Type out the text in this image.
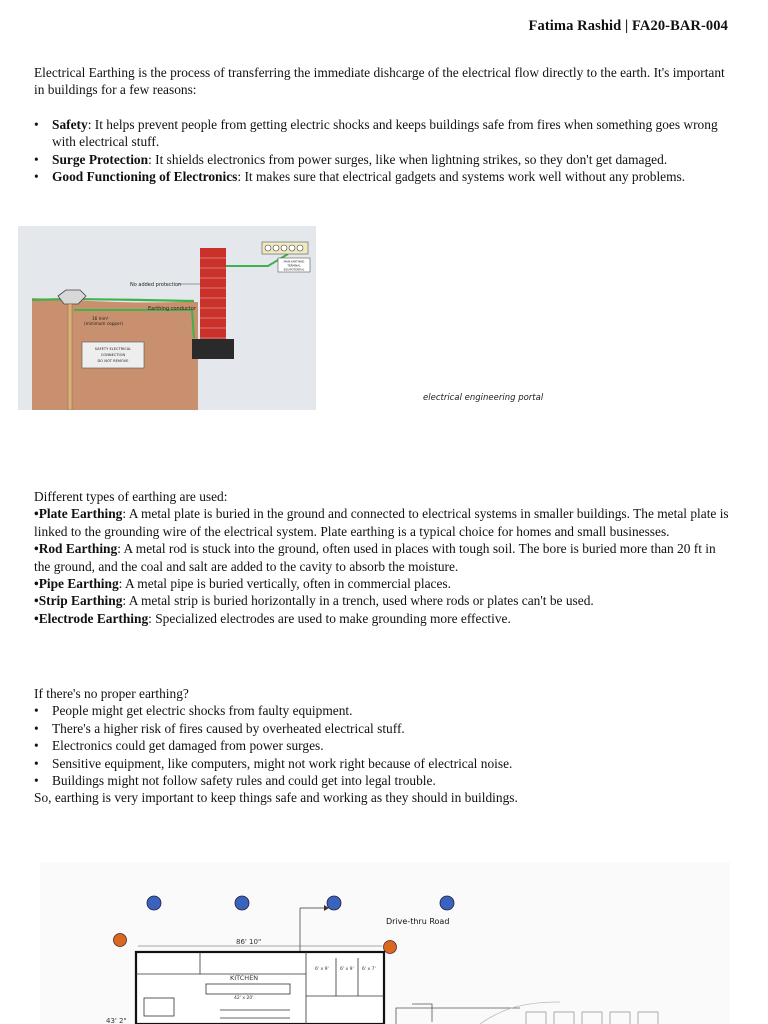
Fatima Rashid | FA20-BAR-004
Electrical Earthing is the process of transferring the immediate dishcarge of the electrical flow directly to the earth. It's important in buildings for a few reasons:
• Safety: It helps prevent people from getting electric shocks and keeps buildings safe from fires when something goes wrong with electrical stuff.
• Surge Protection: It shields electronics from power surges, like when lightning strikes, so they don't get damaged.
• Good Functioning of Electronics: It makes sure that electrical gadgets and systems work well without any problems.
MAIN EARTHING
TERMINAL
EQUIPOTENTIAL
SAFETY ELECTRICAL
CONNECTION
DO NOT REMOVE
No added protection
Earthing conductor
16 mm²
(minimum copper)
electrical engineering portal

Different types of earthing are used:

•Plate Earthing: A metal plate is buried in the ground and connected to electrical systems in smaller buildings. The metal plate is linked to the grounding wire of the electrical system. Plate earthing is a typical choice for homes and small businesses.

•Rod Earthing: A metal rod is stuck into the ground, often used in places with tough soil. The bore is buried more than 20 ft in the ground, and the coal and salt are added to the cavity to absorb the moisture.

•Pipe Earthing: A metal pipe is buried vertically, often in commercial places.

•Strip Earthing: A metal strip is buried horizontally in a trench, used where rods or plates can't be used.

•Electrode Earthing: Specialized electrodes are used to make grounding more effective.

If there's no proper earthing?

• People might get electric shocks from faulty equipment.
• There's a higher risk of fires caused by overheated electrical stuff.
• Electronics could get damaged from power surges.
• Sensitive equipment, like computers, might not work right because of electrical noise.
• Buildings might not follow safety rules and could get into legal trouble.

So, earthing is very important to keep things safe and working as they should in buildings.

Drive-thru Road
86' 10"
43' 2"
KITCHEN
42' x 20'
6' x 9'	6' x 9' 6' x 7'
